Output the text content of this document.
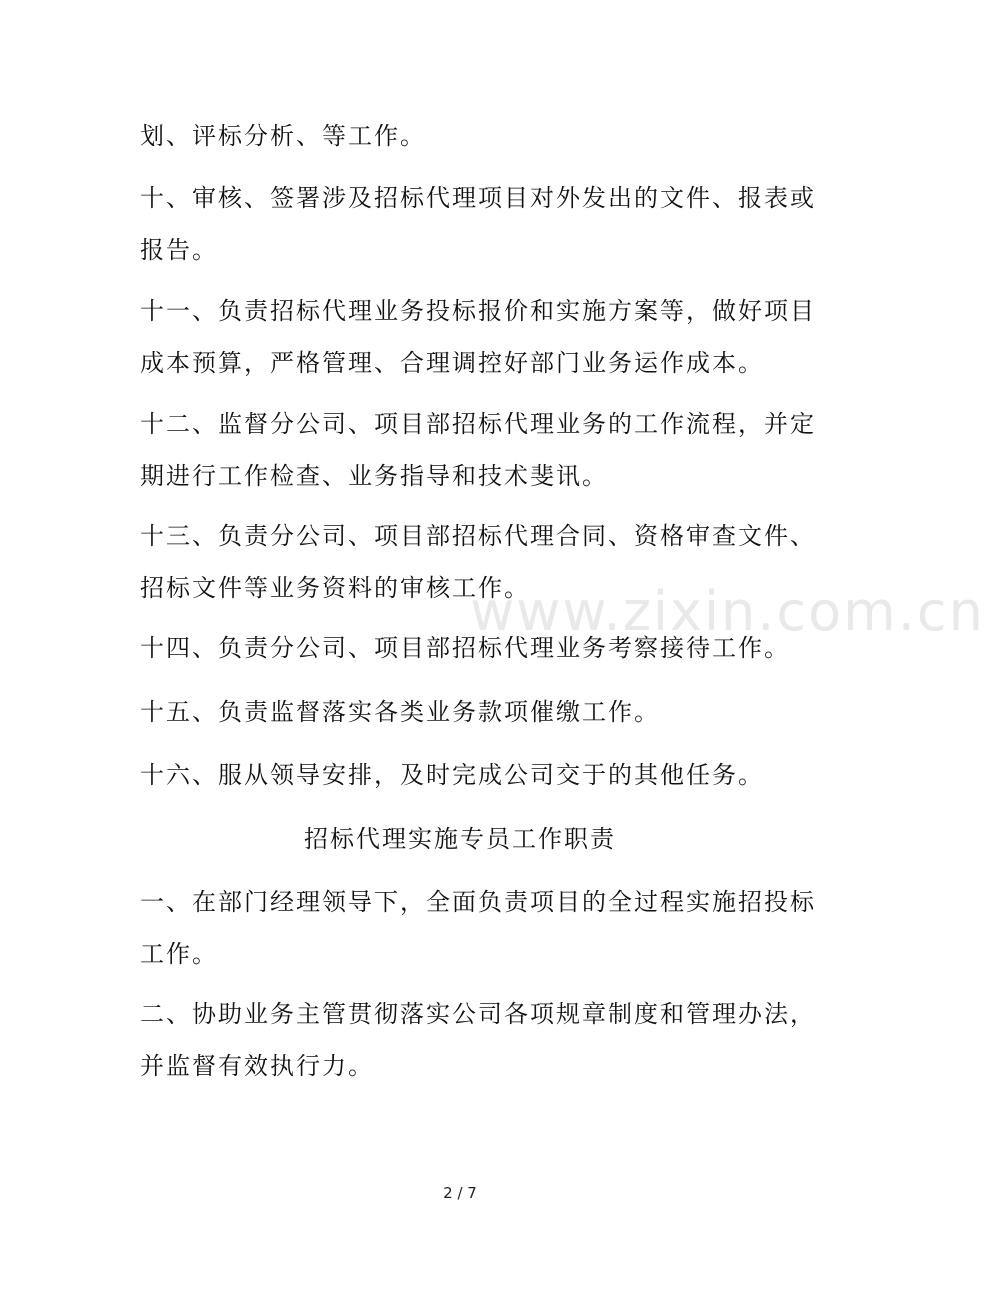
www.zixin.com.cn
划、评标分析、等工作。
十、审核、签署涉及招标代理项目对外发出的文件、报表或
报告。
十一、负责招标代理业务投标报价和实施方案等，做好项目
成本预算，严格管理、合理调控好部门业务运作成本。
十二、监督分公司、项目部招标代理业务的工作流程，并定
期进行工作检查、业务指导和技术斐讯。
十三、负责分公司、项目部招标代理合同、资格审查文件、
招标文件等业务资料的审核工作。
十四、负责分公司、项目部招标代理业务考察接待工作。
十五、负责监督落实各类业务款项催缴工作。
十六、服从领导安排，及时完成公司交于的其他任务。
招标代理实施专员工作职责
一、在部门经理领导下，全面负责项目的全过程实施招投标
工作。
二、协助业务主管贯彻落实公司各项规章制度和管理办法，
并监督有效执行力。
2 / 7
